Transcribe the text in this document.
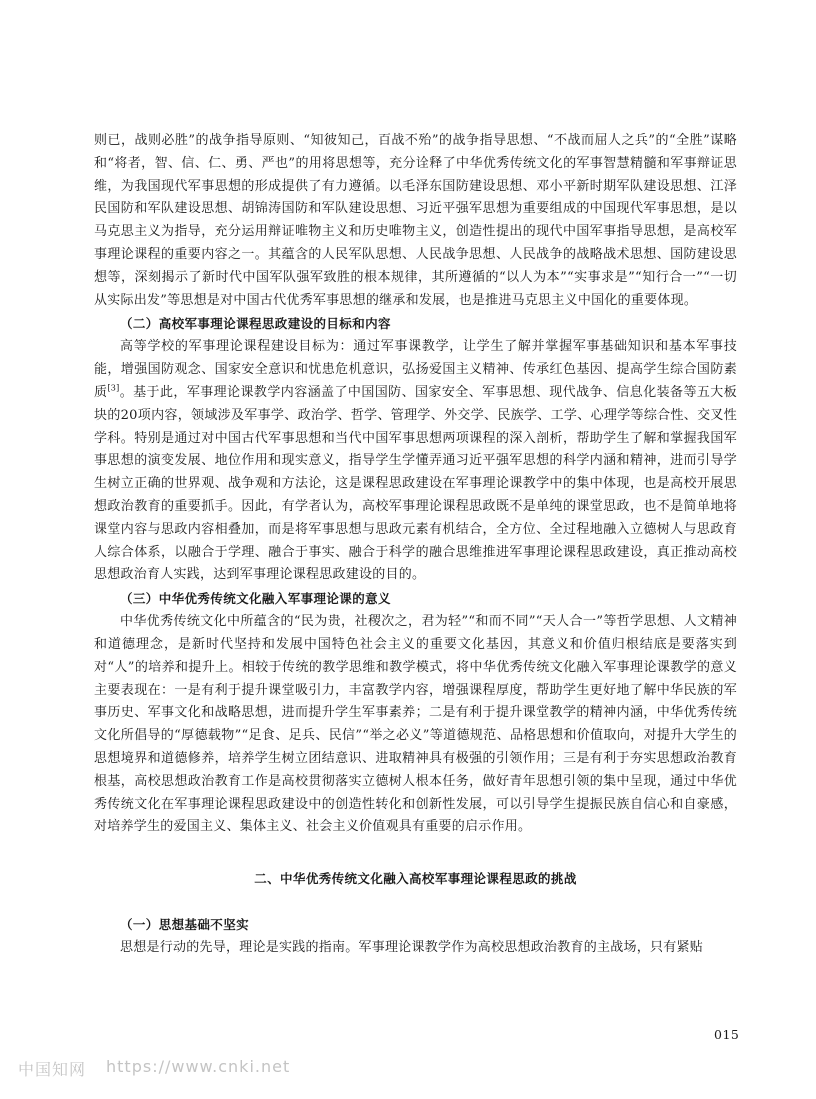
则已，战则必胜”的战争指导原则、“知彼知己，百战不殆”的战争指导思想、“不战而屈人之兵”的“全胜”谋略和“将者，智、信、仁、勇、严也”的用将思想等，充分诠释了中华优秀传统文化的军事智慧精髓和军事辩证思维，为我国现代军事思想的形成提供了有力遵循。以毛泽东国防建设思想、邓小平新时期军队建设思想、江泽民国防和军队建设思想、胡锦涛国防和军队建设思想、习近平强军思想为重要组成的中国现代军事思想，是以马克思主义为指导，充分运用辩证唯物主义和历史唯物主义，创造性提出的现代中国军事指导思想，是高校军事理论课程的重要内容之一。其蕴含的人民军队思想、人民战争思想、人民战争的战略战术思想、国防建设思想等，深刻揭示了新时代中国军队强军致胜的根本规律，其所遵循的“以人为本”“实事求是”“知行合一”“一切从实际出发”等思想是对中国古代优秀军事思想的继承和发展，也是推进马克思主义中国化的重要体现。

（二）高校军事理论课程思政建设的目标和内容

高等学校的军事理论课程建设目标为：通过军事课教学，让学生了解并掌握军事基础知识和基本军事技能，增强国防观念、国家安全意识和忧患危机意识，弘扬爱国主义精神、传承红色基因、提高学生综合国防素质[3]。基于此，军事理论课教学内容涵盖了中国国防、国家安全、军事思想、现代战争、信息化装备等五大板块的20项内容，领域涉及军事学、政治学、哲学、管理学、外交学、民族学、工学、心理学等综合性、交叉性学科。特别是通过对中国古代军事思想和当代中国军事思想两项课程的深入剖析，帮助学生了解和掌握我国军事思想的演变发展、地位作用和现实意义，指导学生学懂弄通习近平强军思想的科学内涵和精神，进而引导学生树立正确的世界观、战争观和方法论，这是课程思政建设在军事理论课教学中的集中体现，也是高校开展思想政治教育的重要抓手。因此，有学者认为，高校军事理论课程思政既不是单纯的课堂思政，也不是简单地将课堂内容与思政内容相叠加，而是将军事思想与思政元素有机结合，全方位、全过程地融入立德树人与思政育人综合体系，以融合于学理、融合于事实、融合于科学的融合思维推进军事理论课程思政建设，真正推动高校思想政治育人实践，达到军事理论课程思政建设的目的。

（三）中华优秀传统文化融入军事理论课的意义

中华优秀传统文化中所蕴含的“民为贵，社稷次之，君为轻”“和而不同”“天人合一”等哲学思想、人文精神和道德理念，是新时代坚持和发展中国特色社会主义的重要文化基因，其意义和价值归根结底是要落实到对“人”的培养和提升上。相较于传统的教学思维和教学模式，将中华优秀传统文化融入军事理论课教学的意义主要表现在：一是有利于提升课堂吸引力，丰富教学内容，增强课程厚度，帮助学生更好地了解中华民族的军事历史、军事文化和战略思想，进而提升学生军事素养；二是有利于提升课堂教学的精神内涵，中华优秀传统文化所倡导的“厚德载物”“足食、足兵、民信”“举之必义”等道德规范、品格思想和价值取向，对提升大学生的思想境界和道德修养，培养学生树立团结意识、进取精神具有极强的引领作用；三是有利于夯实思想政治教育根基，高校思想政治教育工作是高校贯彻落实立德树人根本任务，做好青年思想引领的集中呈现，通过中华优秀传统文化在军事理论课程思政建设中的创造性转化和创新性发展，可以引导学生提振民族自信心和自豪感，对培养学生的爱国主义、集体主义、社会主义价值观具有重要的启示作用。

二、中华优秀传统文化融入高校军事理论课程思政的挑战

（一）思想基础不坚实

思想是行动的先导，理论是实践的指南。军事理论课教学作为高校思想政治教育的主战场，只有紧贴

015
中国知网 https://www.cnki.net
